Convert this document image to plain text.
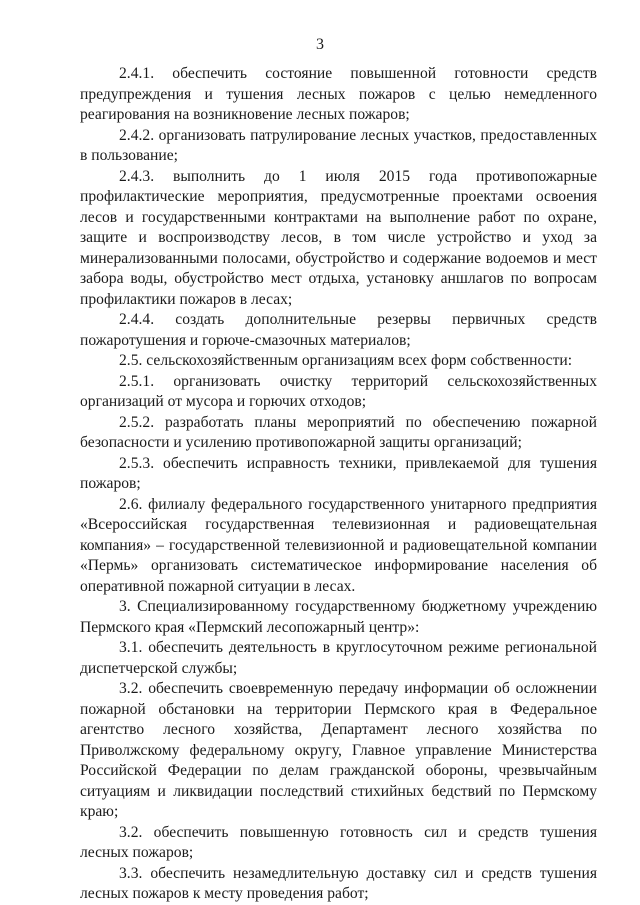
3

2.4.1. обеспечить состояние повышенной готовности средств предупреждения и тушения лесных пожаров с целью немедленного реагирования на возникновение лесных пожаров;

2.4.2. организовать патрулирование лесных участков, предоставленных в пользование;

2.4.3. выполнить до 1 июля 2015 года противопожарные профилактические мероприятия, предусмотренные проектами освоения лесов и государственными контрактами на выполнение работ по охране, защите и воспроизводству лесов, в том числе устройство и уход за минерализованными полосами, обустройство и содержание водоемов и мест забора воды, обустройство мест отдыха, установку аншлагов по вопросам профилактики пожаров в лесах;

2.4.4. создать дополнительные резервы первичных средств пожаротушения и горюче-смазочных материалов;

2.5. сельскохозяйственным организациям всех форм собственности:

2.5.1. организовать очистку территорий сельскохозяйственных организаций от мусора и горючих отходов;

2.5.2. разработать планы мероприятий по обеспечению пожарной безопасности и усилению противопожарной защиты организаций;

2.5.3. обеспечить исправность техники, привлекаемой для тушения пожаров;

2.6. филиалу федерального государственного унитарного предприятия «Всероссийская государственная телевизионная и радиовещательная компания» – государственной телевизионной и радиовещательной компании «Пермь» организовать систематическое информирование населения об оперативной пожарной ситуации в лесах.

3. Специализированному государственному бюджетному учреждению Пермского края «Пермский лесопожарный центр»:

3.1. обеспечить деятельность в круглосуточном режиме региональной диспетчерской службы;

3.2. обеспечить своевременную передачу информации об осложнении пожарной обстановки на территории Пермского края в Федеральное агентство лесного хозяйства, Департамент лесного хозяйства по Приволжскому федеральному округу, Главное управление Министерства Российской Федерации по делам гражданской обороны, чрезвычайным ситуациям и ликвидации последствий стихийных бедствий по Пермскому краю;

3.2. обеспечить повышенную готовность сил и средств тушения лесных пожаров;

3.3. обеспечить незамедлительную доставку сил и средств тушения лесных пожаров к месту проведения работ;
